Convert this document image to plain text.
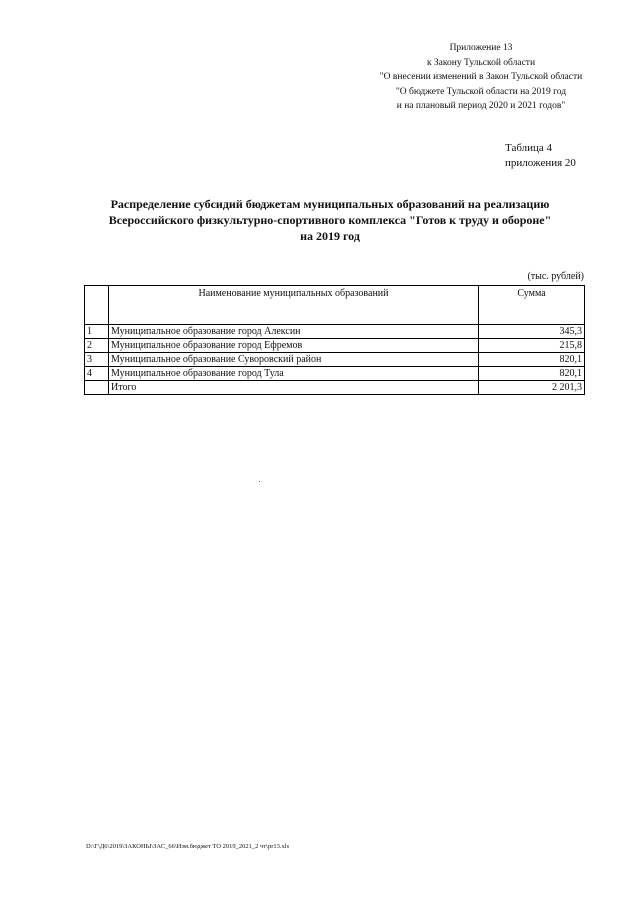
Приложение 13
к Закону Тульской области
"О внесении изменений в Закон Тульской области
"О бюджете Тульской области на 2019 год
и на плановый период 2020 и 2021 годов"
Таблица 4
приложения 20
Распределение субсидий бюджетам муниципальных образований на реализацию
Всероссийского физкультурно-спортивного комплекса "Готов к труду и обороне"
на 2019 год
(тыс. рублей)
	Наименование муниципальных образований	Сумма
1	Муниципальное образование город Алексин	345,3
2	Муниципальное образование город Ефремов	215,8
3	Муниципальное образование Суворовский район	820,1
4	Муниципальное образование город Тула	820,1
	Итого	2 201,3
D:\Г\Д6\2019\ЗАКОНЫ\ЗАС_66\Изм.бюджет ТО 2019_2021_2 чт\pr13.xls
